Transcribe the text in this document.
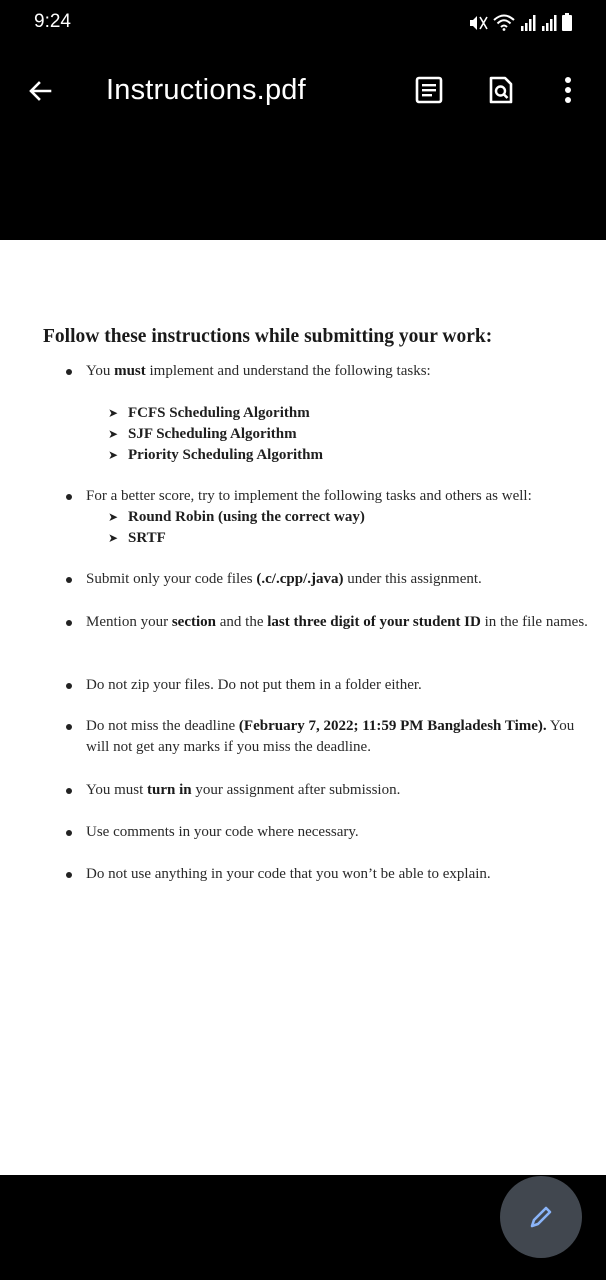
9:24
Instructions.pdf
Follow these instructions while submitting your work:
You must implement and understand the following tasks:
➤ FCFS Scheduling Algorithm
➤ SJF Scheduling Algorithm
➤ Priority Scheduling Algorithm
For a better score, try to implement the following tasks and others as well:
➤ Round Robin (using the correct way)
➤ SRTF
Submit only your code files (.c/.cpp/.java) under this assignment.
Mention your section and the last three digit of your student ID in the file names.
Do not zip your files. Do not put them in a folder either.
Do not miss the deadline (February 7, 2022; 11:59 PM Bangladesh Time). You will not get any marks if you miss the deadline.
You must turn in your assignment after submission.
Use comments in your code where necessary.
Do not use anything in your code that you won’t be able to explain.
